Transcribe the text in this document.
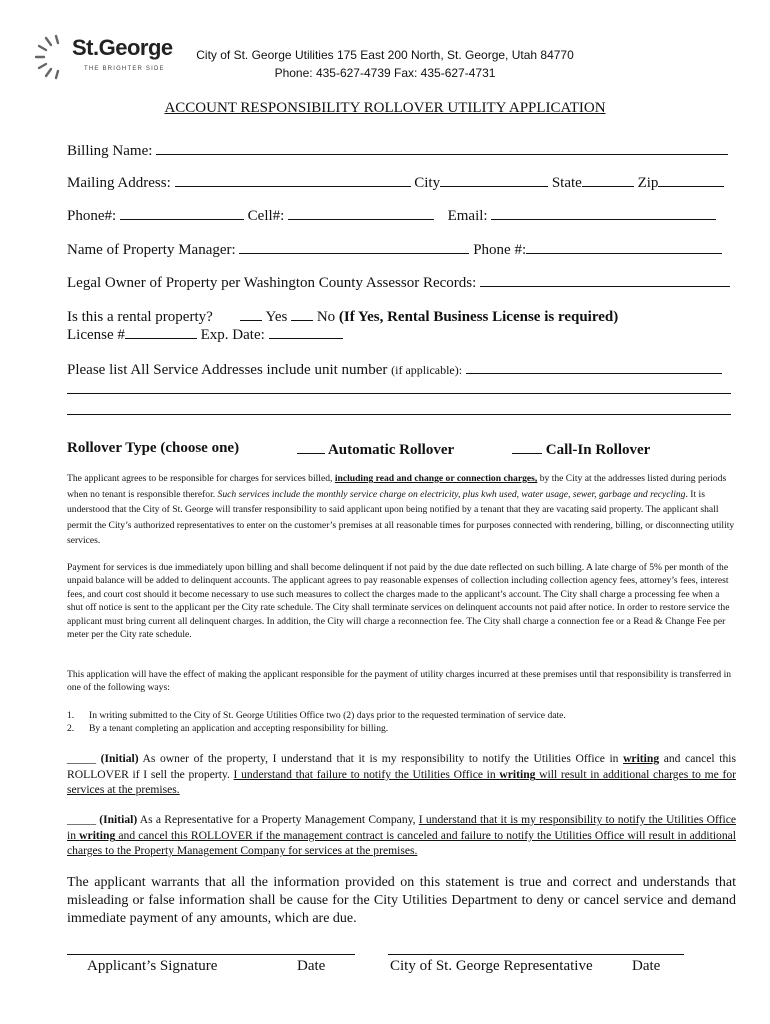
St.George
THE BRIGHTER SIDE
City of St. George Utilities 175 East 200 North, St. George, Utah 84770
Phone: 435-627-4739 Fax: 435-627-4731
ACCOUNT RESPONSIBILITY ROLLOVER UTILITY APPLICATION
Billing Name:
Mailing Address:	City	State	Zip
Phone#:	Cell#:	Email:
Name of Property Manager:	Phone #:
Legal Owner of Property per Washington County Assessor Records:
Is this a rental property?	Yes No (If Yes, Rental Business License is required)
License #	Exp. Date:
Please list All Service Addresses include unit number (if applicable):
Rollover Type (choose one)	Automatic Rollover	Call-In Rollover
The applicant agrees to be responsible for charges for services billed, including read and change or connection charges, by the City at the addresses listed during periods when no tenant is responsible therefor. Such services include the monthly service charge on electricity, plus kwh used, water usage, sewer, garbage and recycling. It is understood that the City of St. George will transfer responsibility to said applicant upon being notified by a tenant that they are vacating said property. The applicant shall permit the City’s authorized representatives to enter on the customer’s premises at all reasonable times for purposes connected with rendering, billing, or disconnecting utility services.
Payment for services is due immediately upon billing and shall become delinquent if not paid by the due date reflected on such billing. A late charge of 5% per month of the unpaid balance will be added to delinquent accounts. The applicant agrees to pay reasonable expenses of collection including collection agency fees, attorney’s fees, interest fees, and court cost should it become necessary to use such measures to collect the charges made to the applicant’s account. The City shall charge a processing fee when a shut off notice is sent to the applicant per the City rate schedule. The City shall terminate services on delinquent accounts not paid after notice. In order to restore service the applicant must bring current all delinquent charges. In addition, the City will charge a reconnection fee. The City shall charge a connection fee or a Read & Change Fee per meter per the City rate schedule.
This application will have the effect of making the applicant responsible for the payment of utility charges incurred at these premises until that responsibility is transferred in one of the following ways:
1. In writing submitted to the City of St. George Utilities Office two (2) days prior to the requested termination of service date.
2. By a tenant completing an application and accepting responsibility for billing.
_____ (Initial) As owner of the property, I understand that it is my responsibility to notify the Utilities Office in writing and cancel this ROLLOVER if I sell the property. I understand that failure to notify the Utilities Office in writing will result in additional charges to me for services at the premises.
_____ (Initial) As a Representative for a Property Management Company, I understand that it is my responsibility to notify the Utilities Office in writing and cancel this ROLLOVER if the management contract is canceled and failure to notify the Utilities Office will result in additional charges to the Property Management Company for services at the premises.
The applicant warrants that all the information provided on this statement is true and correct and understands that misleading or false information shall be cause for the City Utilities Department to deny or cancel service and demand immediate payment of any amounts, which are due.
Applicant’s Signature	Date	City of St. George Representative	Date
